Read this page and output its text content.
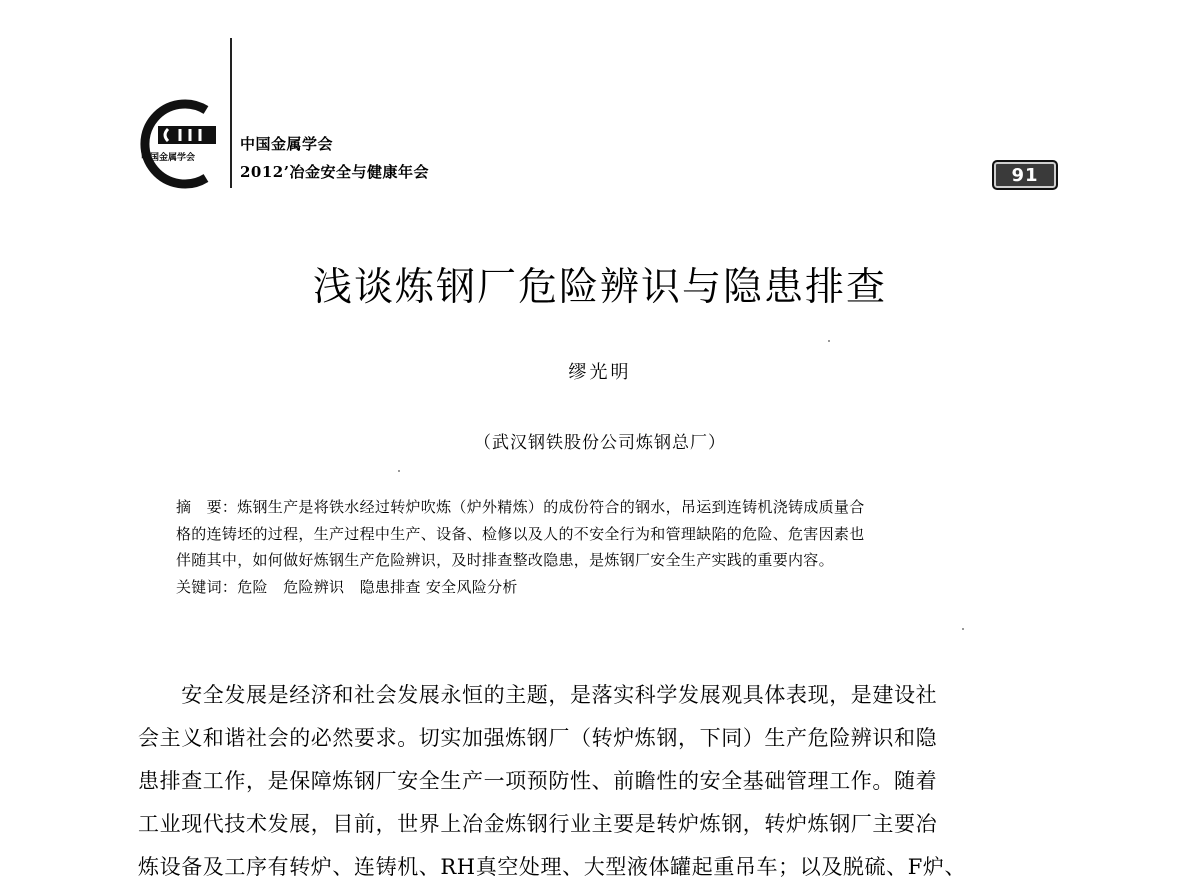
中国金属学会
中国金属学会
2012’冶金安全与健康年会	91
浅谈炼钢厂危险辨识与隐患排查
缪光明
（武汉钢铁股份公司炼钢总厂）
摘　要：炼钢生产是将铁水经过转炉吹炼（炉外精炼）的成份符合的钢水，吊运到连铸机浇铸成质量合
格的连铸坯的过程，生产过程中生产、设备、检修以及人的不安全行为和管理缺陷的危险、危害因素也
伴随其中，如何做好炼钢生产危险辨识，及时排查整改隐患，是炼钢厂安全生产实践的重要内容。
关键词：危险　危险辨识　隐患排查 安全风险分析
　　安全发展是经济和社会发展永恒的主题，是落实科学发展观具体表现，是建设社
会主义和谐社会的必然要求。切实加强炼钢厂（转炉炼钢，下同）生产危险辨识和隐
患排查工作，是保障炼钢厂安全生产一项预防性、前瞻性的安全基础管理工作。随着
工业现代技术发展，目前，世界上冶金炼钢行业主要是转炉炼钢，转炉炼钢厂主要冶
炼设备及工序有转炉、连铸机、RH真空处理、大型液体罐起重吊车；以及脱硫、F炉、
